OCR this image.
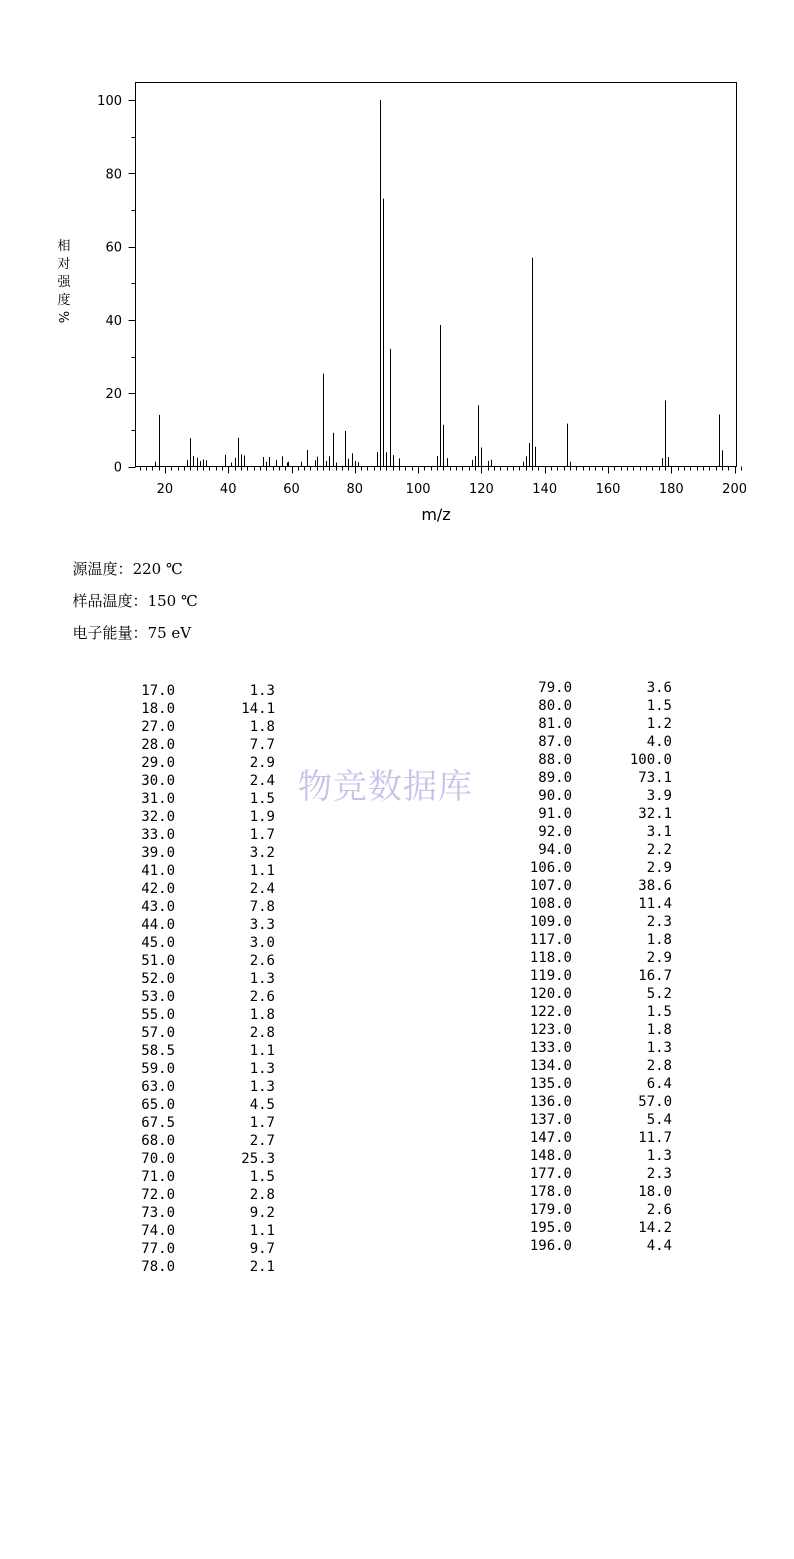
20	40	60	80	100	120	140	160	180	200
0
20
40
60
80
100
m/z
相
对
强
度
%

源温度：220 ℃

样品温度：150 ℃

电子能量：75 eV

17.0	1.3
18.0	14.1
27.0	1.8
28.0	7.7
29.0	2.9
30.0	2.4
31.0	1.5
32.0	1.9
33.0	1.7
39.0	3.2
41.0	1.1
42.0	2.4
43.0	7.8
44.0	3.3
45.0	3.0
51.0	2.6
52.0	1.3
53.0	2.6
55.0	1.8
57.0	2.8
58.5	1.1
59.0	1.3
63.0	1.3
65.0	4.5
67.5	1.7
68.0	2.7
70.0	25.3
71.0	1.5
72.0	2.8
73.0	9.2
74.0	1.1
77.0	9.7
78.0	2.1
79.0	3.6
80.0	1.5
81.0	1.2
87.0	4.0
88.0	100.0
89.0	73.1
90.0	3.9
91.0	32.1
92.0	3.1
94.0	2.2
106.0	2.9
107.0	38.6
108.0	11.4
109.0	2.3
117.0	1.8
118.0	2.9
119.0	16.7
120.0	5.2
122.0	1.5
123.0	1.8
133.0	1.3
134.0	2.8
135.0	6.4
136.0	57.0
137.0	5.4
147.0	11.7
148.0	1.3
177.0	2.3
178.0	18.0
179.0	2.6
195.0	14.2
196.0	4.4
物竞数据库
